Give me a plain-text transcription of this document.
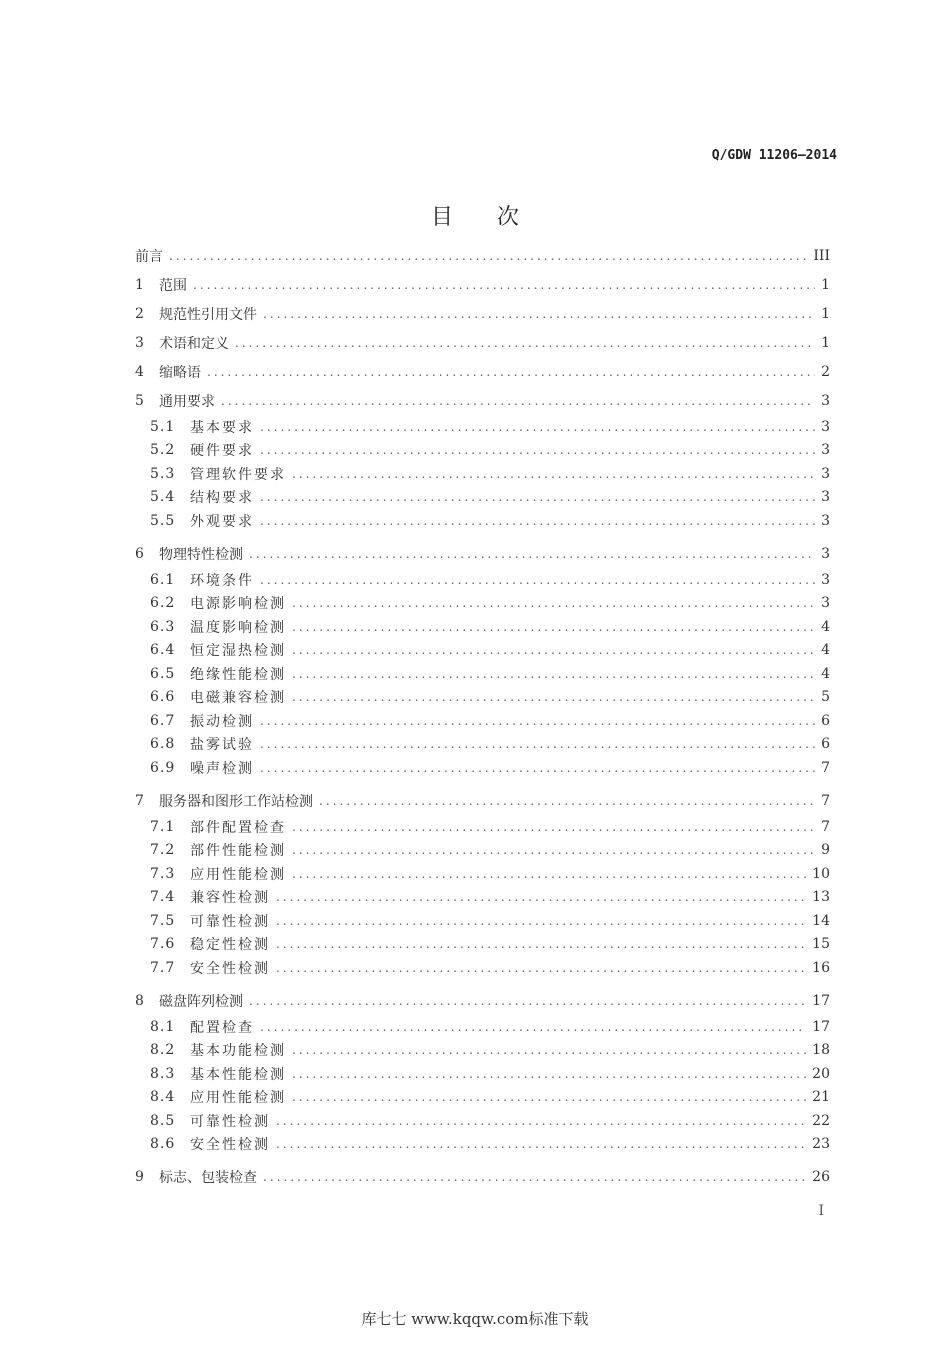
Q/GDW 11206—2014
目次
前言 .....	III
1	范围 .....	1
2	规范性引用文件 .....	1
3	术语和定义 .....	1
4	缩略语 .....	2
5	通用要求 .....	3
5.1	基本要求 .....	3
5.2	硬件要求 .....	3
5.3	管理软件要求 .....	3
5.4	结构要求 .....	3
5.5	外观要求 .....	3
6	物理特性检测 .....	3
6.1	环境条件 .....	3
6.2	电源影响检测 .....	3
6.3	温度影响检测 .....	4
6.4	恒定湿热检测 .....	4
6.5	绝缘性能检测 .....	4
6.6	电磁兼容检测 .....	5
6.7	振动检测 .....	6
6.8	盐雾试验 .....	6
6.9	噪声检测 .....	7
7	服务器和图形工作站检测 .....	7
7.1	部件配置检查 .....	7
7.2	部件性能检测 .....	9
7.3	应用性能检测 .....	10
7.4	兼容性检测 .....	13
7.5	可靠性检测 .....	14
7.6	稳定性检测 .....	15
7.7	安全性检测 .....	16
8	磁盘阵列检测 .....	17
8.1	配置检查 .....	17
8.2	基本功能检测 .....	18
8.3	基本性能检测 .....	20
8.4	应用性能检测 .....	21
8.5	可靠性检测 .....	22
8.6	安全性检测 .....	23
9	标志、包装检查 .....	26
I
库七七 www.kqqw.com标准下载
